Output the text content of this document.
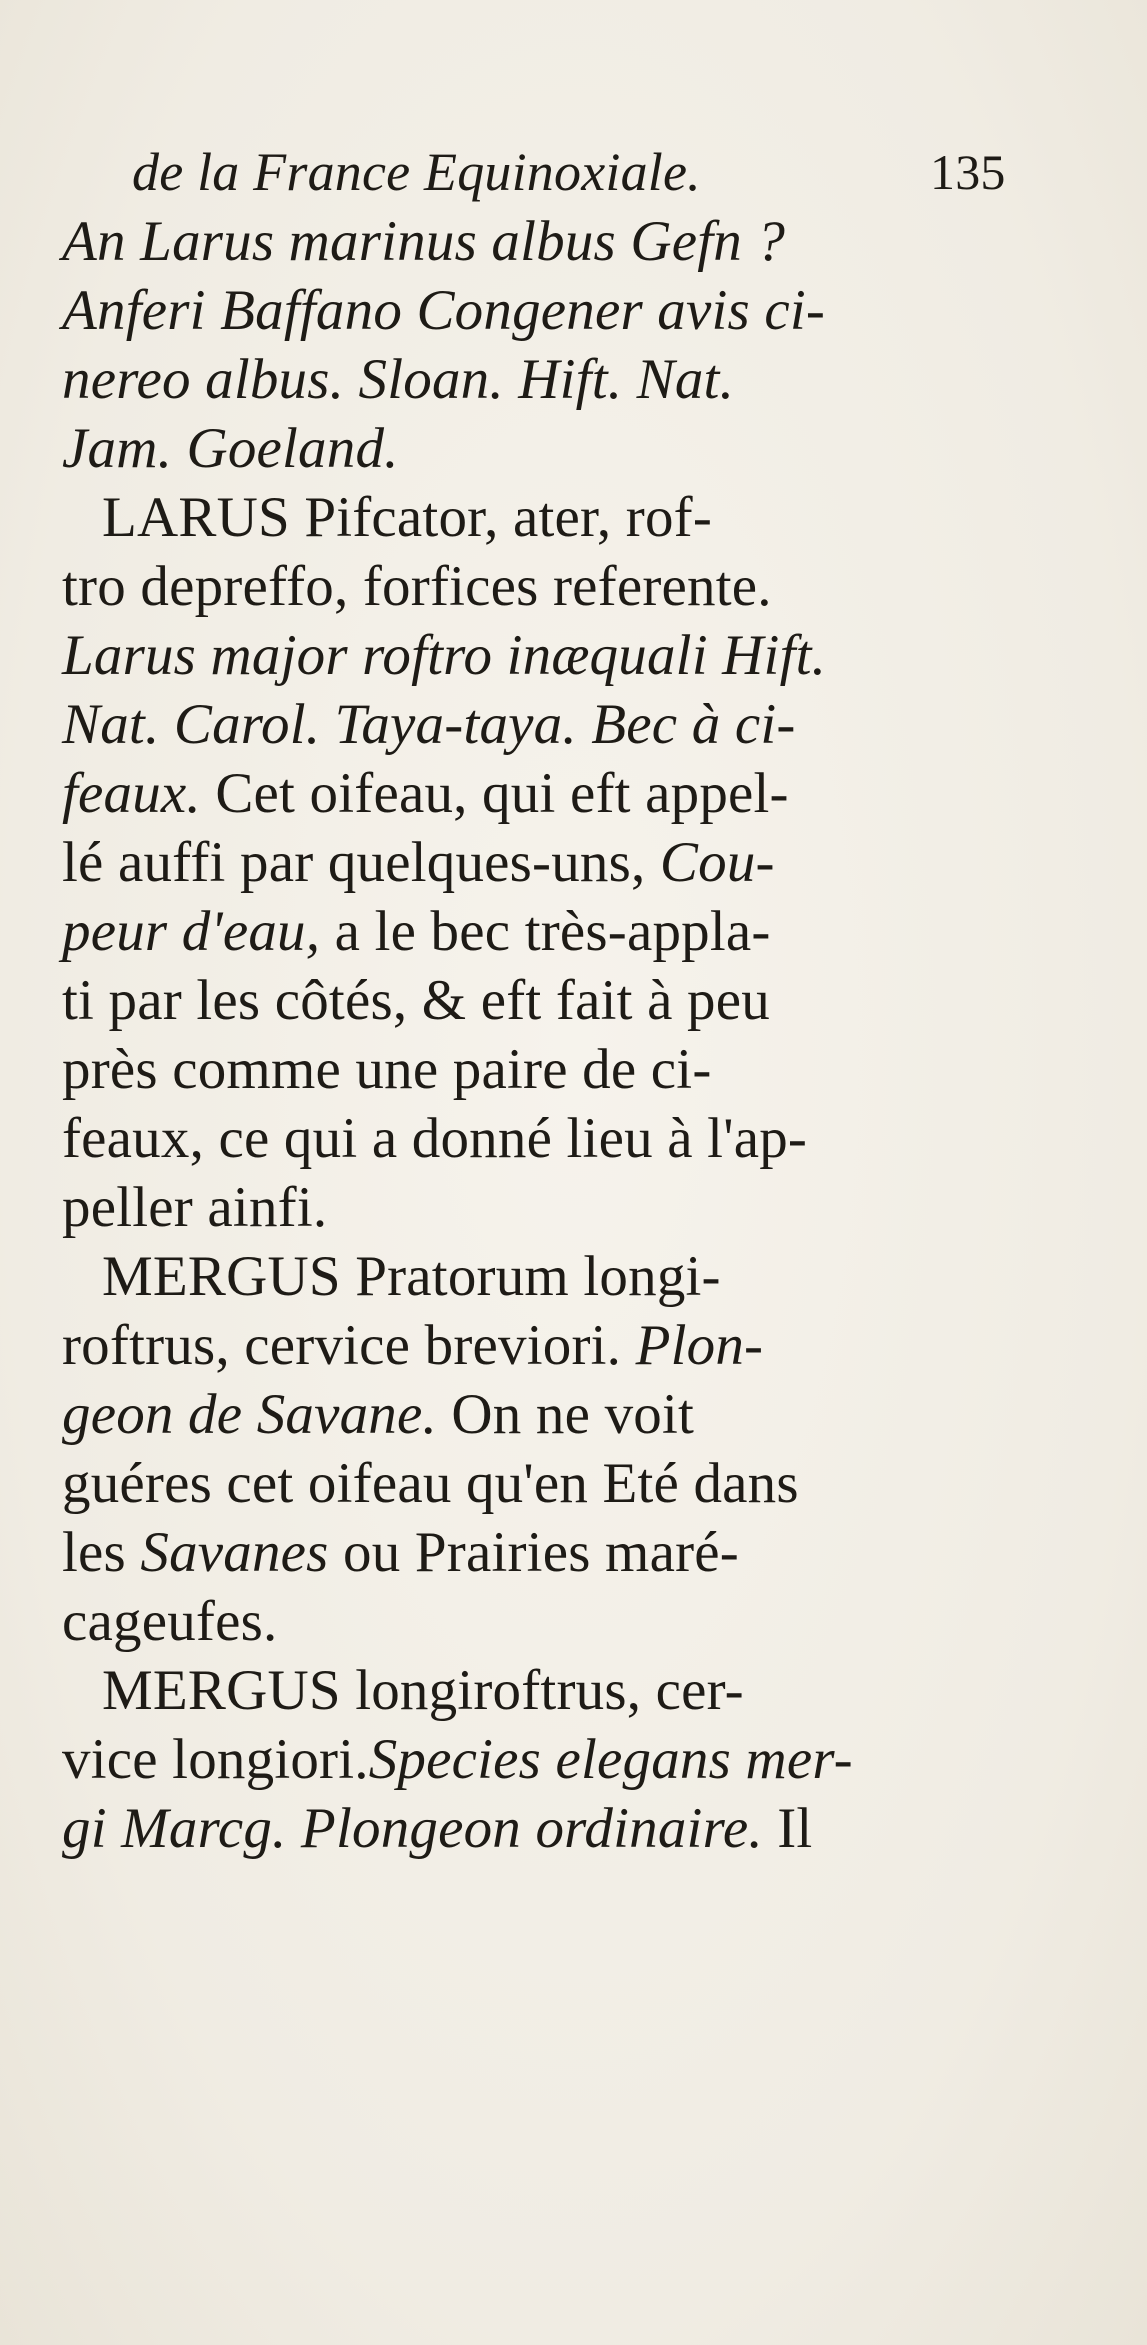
de la France Equinoxiale.	135
An Larus marinus albus Gefn ?
Anferi Baffano Congener avis ci-
nereo albus. Sloan. Hift. Nat.
Jam. Goeland.
LARUS Pifcator, ater, rof-
tro depreffo, forfices referente.
Larus major roftro inæquali Hift.
Nat. Carol. Taya-taya. Bec à ci-
feaux. Cet oifeau, qui eft appel-
lé auffi par quelques-uns, Cou-
peur d'eau, a le bec très-appla-
ti par les côtés, & eft fait à peu
près comme une paire de ci-
feaux, ce qui a donné lieu à l'ap-
peller ainfi.
MERGUS Pratorum longi-
roftrus, cervice breviori. Plon-
geon de Savane. On ne voit
guéres cet oifeau qu'en Eté dans
les Savanes ou Prairies maré-
cageufes.
MERGUS longiroftrus, cer-
vice longiori.Species elegans mer-
gi Marcg. Plongeon ordinaire. Il
